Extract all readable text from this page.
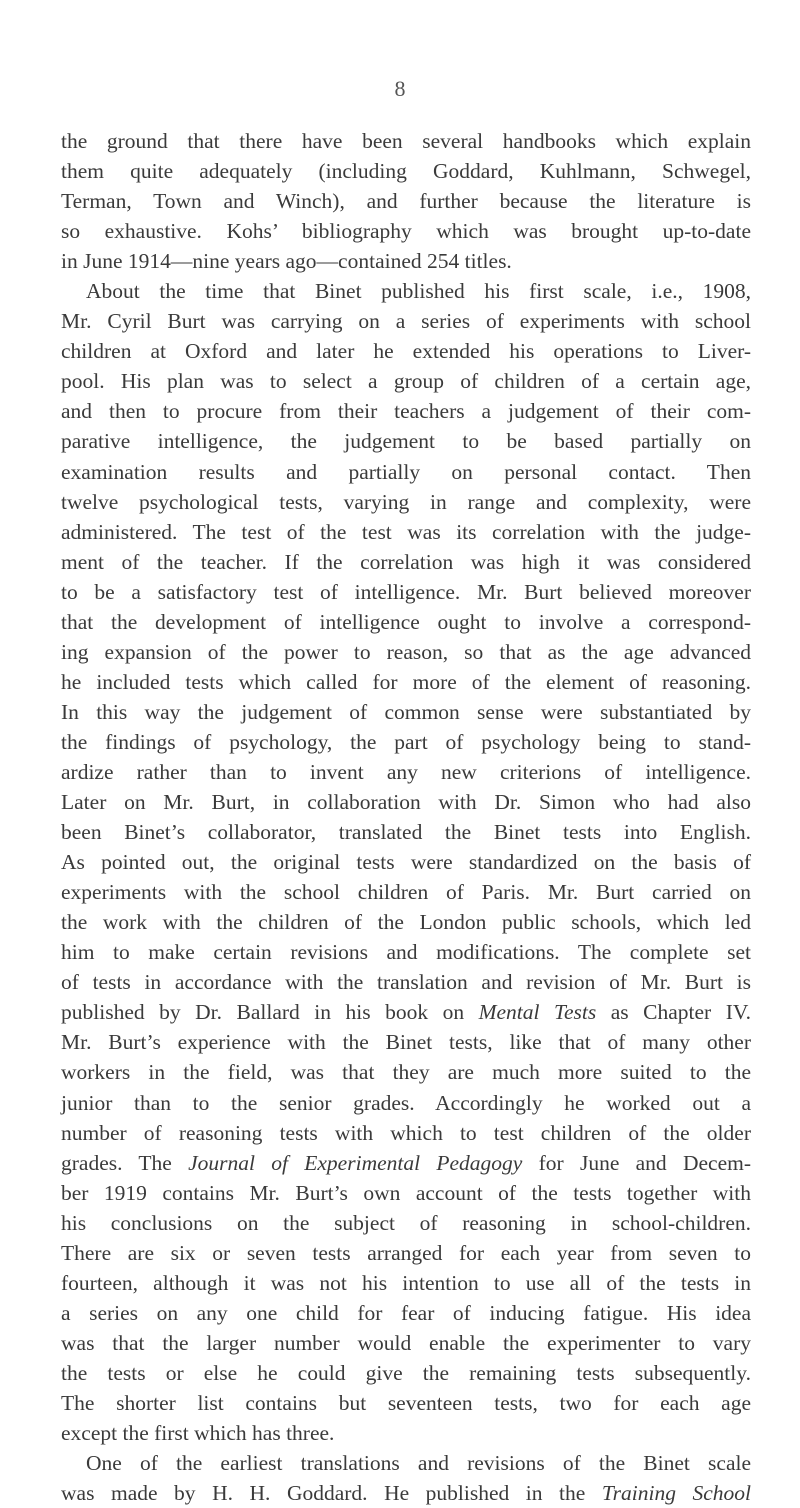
8
the ground that there have been several handbooks which explain
them quite adequately (including Goddard, Kuhlmann, Schwegel,
Terman, Town and Winch), and further because the literature is
so exhaustive. Kohs’ bibliography which was brought up-to-date
in June 1914—nine years ago—contained 254 titles.
About the time that Binet published his first scale, i.e., 1908,
Mr. Cyril Burt was carrying on a series of experiments with school
children at Oxford and later he extended his operations to Liver-
pool. His plan was to select a group of children of a certain age,
and then to procure from their teachers a judgement of their com-
parative intelligence, the judgement to be based partially on
examination results and partially on personal contact. Then
twelve psychological tests, varying in range and complexity, were
administered. The test of the test was its correlation with the judge-
ment of the teacher. If the correlation was high it was considered
to be a satisfactory test of intelligence. Mr. Burt believed moreover
that the development of intelligence ought to involve a correspond-
ing expansion of the power to reason, so that as the age advanced
he included tests which called for more of the element of reasoning.
In this way the judgement of common sense were substantiated by
the findings of psychology, the part of psychology being to stand-
ardize rather than to invent any new criterions of intelligence.
Later on Mr. Burt, in collaboration with Dr. Simon who had also
been Binet’s collaborator, translated the Binet tests into English.
As pointed out, the original tests were standardized on the basis of
experiments with the school children of Paris. Mr. Burt carried on
the work with the children of the London public schools, which led
him to make certain revisions and modifications. The complete set
of tests in accordance with the translation and revision of Mr. Burt is
published by Dr. Ballard in his book on Mental Tests as Chapter IV.
Mr. Burt’s experience with the Binet tests, like that of many other
workers in the field, was that they are much more suited to the
junior than to the senior grades. Accordingly he worked out a
number of reasoning tests with which to test children of the older
grades. The Journal of Experimental Pedagogy for June and Decem-
ber 1919 contains Mr. Burt’s own account of the tests together with
his conclusions on the subject of reasoning in school-children.
There are six or seven tests arranged for each year from seven to
fourteen, although it was not his intention to use all of the tests in
a series on any one child for fear of inducing fatigue. His idea
was that the larger number would enable the experimenter to vary
the tests or else he could give the remaining tests subsequently.
The shorter list contains but seventeen tests, two for each age
except the first which has three.
One of the earliest translations and revisions of the Binet scale
was made by H. H. Goddard. He published in the Training School
